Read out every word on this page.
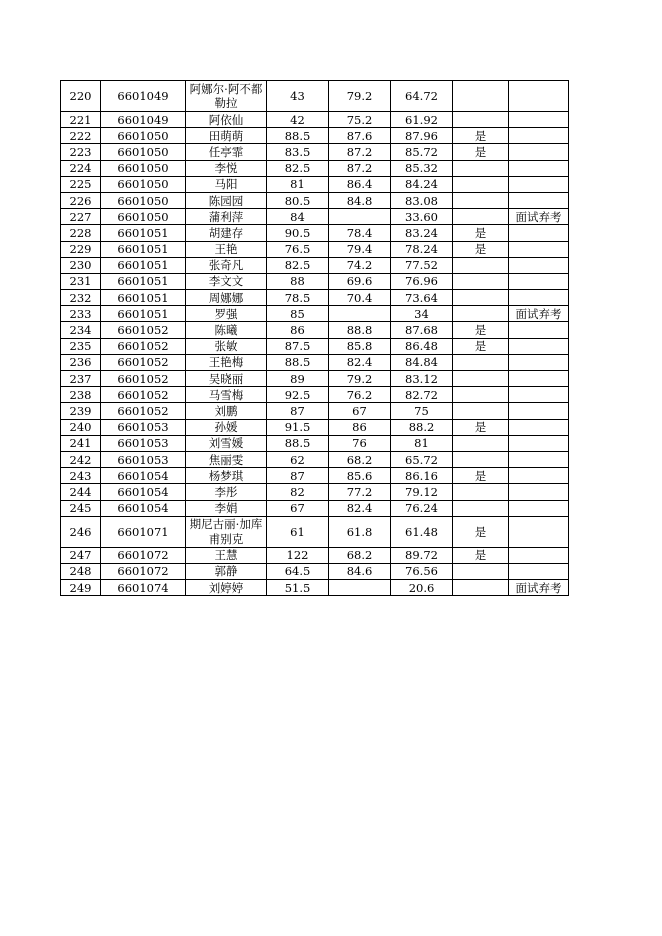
220	6601049	阿娜尔·阿不都勒拉	43	79.2	64.72		
221	6601049	阿依仙	42	75.2	61.92		
222	6601050	田萌萌	88.5	87.6	87.96	是	
223	6601050	任亭霏	83.5	87.2	85.72	是	
224	6601050	李悦	82.5	87.2	85.32		
225	6601050	马阳	81	86.4	84.24		
226	6601050	陈园园	80.5	84.8	83.08		
227	6601050	蒲利萍	84		33.60		面试弃考
228	6601051	胡建存	90.5	78.4	83.24	是	
229	6601051	王艳	76.5	79.4	78.24	是	
230	6601051	张奇凡	82.5	74.2	77.52		
231	6601051	李文文	88	69.6	76.96		
232	6601051	周娜娜	78.5	70.4	73.64		
233	6601051	罗强	85		34		面试弃考
234	6601052	陈曦	86	88.8	87.68	是	
235	6601052	张敏	87.5	85.8	86.48	是	
236	6601052	王艳梅	88.5	82.4	84.84		
237	6601052	吴晓丽	89	79.2	83.12		
238	6601052	马雪梅	92.5	76.2	82.72		
239	6601052	刘鹏	87	67	75		
240	6601053	孙媛	91.5	86	88.2	是	
241	6601053	刘雪媛	88.5	76	81		
242	6601053	焦丽雯	62	68.2	65.72		
243	6601054	杨梦琪	87	85.6	86.16	是	
244	6601054	李彤	82	77.2	79.12		
245	6601054	李娟	67	82.4	76.24		
246	6601071	期尼古丽·加库甫别克	61	61.8	61.48	是	
247	6601072	王慧	122	68.2	89.72	是	
248	6601072	郭静	64.5	84.6	76.56		
249	6601074	刘婷婷	51.5		20.6		面试弃考
